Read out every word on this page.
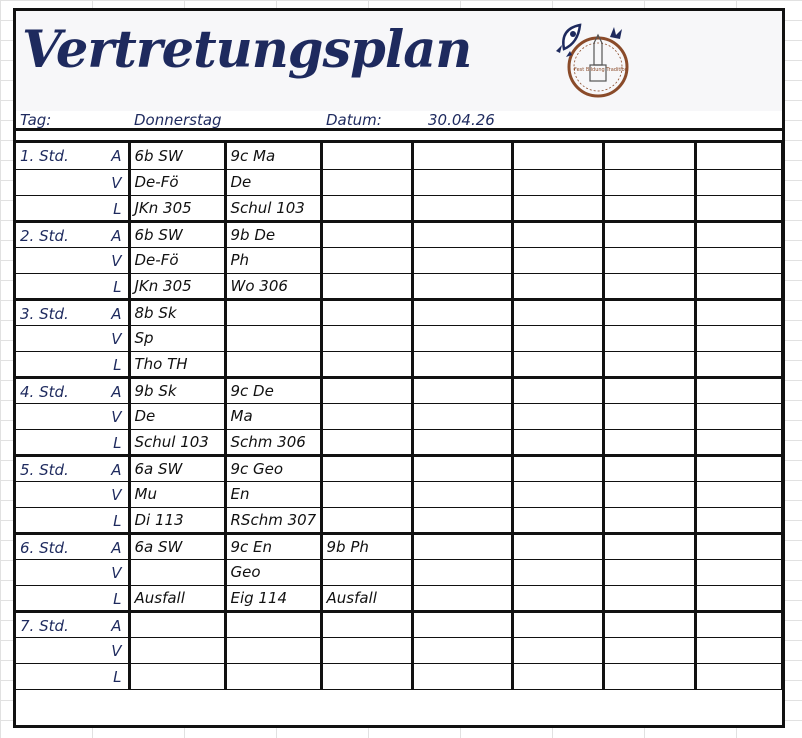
Vertretungsplan	Fest Bildung Tradition
Tag:	Donnerstag	Datum:	30.04.26
1. Std. A	6b SW	9c Ma					

V	De-Fö	De					

L	JKn 305	Schul 103					

2. Std. A	6b SW	9b De					

V	De-Fö	Ph					

L	JKn 305	Wo 306					

3. Std. A	8b Sk						

V	Sp						

L	Tho TH						

4. Std. A	9b Sk	9c De					

V	De	Ma					

L	Schul 103	Schm 306					

5. Std. A	6a SW	9c Geo					

V	Mu	En					

L	Di 113	RSchm 307					

6. Std. A	6a SW	9c En	9b Ph				

V		Geo					

L	Ausfall	Eig 114	Ausfall				

7. Std. A							

V							

L							
